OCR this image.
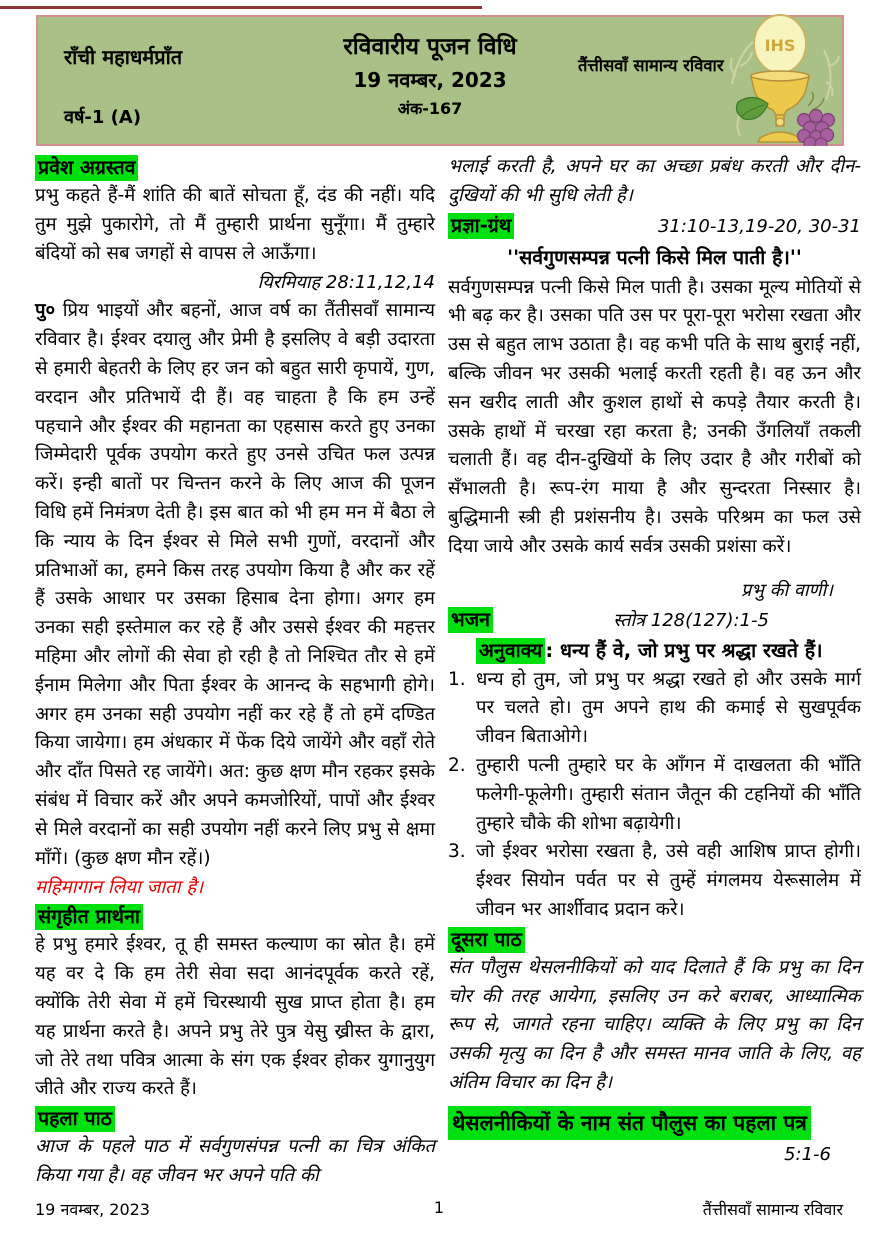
राँची महाधर्मप्राँत
वर्ष-1 (A)
रविवारीय पूजन विधि
19 नवम्बर, 2023
अंक-167
तैंत्तीसवाँ सामान्य रविवार
IHS
प्रवेश अग्रस्तव

प्रभु कहते हैं-मैं शांति की बातें सोचता हूँ, दंड की नहीं। यदि तुम मुझे पुकारोगे, तो मैं तुम्हारी प्रार्थना सुनूँगा। मैं तुम्हारे बंदियों को सब जगहों से वापस ले आऊँगा।

यिरमियाह 28:11,12,14

पु० प्रिय भाइयों और बहनों, आज वर्ष का तैंतीसवाँ सामान्य रविवार है। ईश्वर दयालु और प्रेमी है इसलिए वे बड़ी उदारता से हमारी बेहतरी के लिए हर जन को बहुत सारी कृपायें, गुण, वरदान और प्रतिभायें दी हैं। वह चाहता है कि हम उन्हें पहचाने और ईश्वर की महानता का एहसास करते हुए उनका जिम्मेदारी पूर्वक उपयोग करते हुए उनसे उचित फल उत्पन्न करें। इन्ही बातों पर चिन्तन करने के लिए आज की पूजन विधि हमें निमंत्रण देती है। इस बात को भी हम मन में बैठा ले कि न्याय के दिन ईश्वर से मिले सभी गुणों, वरदानों और प्रतिभाओं का, हमने किस तरह उपयोग किया है और कर रहें हैं उसके आधार पर उसका हिसाब देना होगा। अगर हम उनका सही इस्तेमाल कर रहे हैं और उससे ईश्वर की महत्तर महिमा और लोगों की सेवा हो रही है तो निश्चित तौर से हमें ईनाम मिलेगा और पिता ईश्वर के आनन्द के सहभागी होगे। अगर हम उनका सही उपयोग नहीं कर रहे हैं तो हमें दण्डित किया जायेगा। हम अंधकार में फेंक दिये जायेंगे और वहाँ रोते और दाँत पिसते रह जायेंगे। अत: कुछ क्षण मौन रहकर इसके संबंध में विचार करें और अपने कमजोरियों, पापों और ईश्वर से मिले वरदानों का सही उपयोग नहीं करने लिए प्रभु से क्षमा माँगें। (कुछ क्षण मौन रहें।)

महिमागान लिया जाता है।

संगृहीत प्रार्थना

हे प्रभु हमारे ईश्वर, तू ही समस्त कल्याण का स्रोत है। हमें यह वर दे कि हम तेरी सेवा सदा आनंदपूर्वक करते रहें, क्योंकि तेरी सेवा में हमें चिरस्थायी सुख प्राप्त होता है। हम यह प्रार्थना करते है। अपने प्रभु तेरे पुत्र येसु ख्रीस्त के द्वारा, जो तेरे तथा पवित्र आत्मा के संग एक ईश्वर होकर युगानुयुग जीते और राज्य करते हैं।

पहला पाठ

आज के पहले पाठ में सर्वगुणसंपन्न पत्नी का चित्र अंकित किया गया है। वह जीवन भर अपने पति की

भलाई करती है, अपने घर का अच्छा प्रबंध करती और दीन-दुखियों की भी सुधि लेती है।

प्रज्ञा-ग्रंथ	31:10-13,19-20, 30-31
''सर्वगुणसम्पन्न पत्नी किसे मिल पाती है।''

सर्वगुणसम्पन्न पत्नी किसे मिल पाती है। उसका मूल्य मोतियों से भी बढ़ कर है। उसका पति उस पर पूरा-पूरा भरोसा रखता और उस से बहुत लाभ उठाता है। वह कभी पति के साथ बुराई नहीं, बल्कि जीवन भर उसकी भलाई करती रहती है। वह ऊन और सन खरीद लाती और कुशल हाथों से कपड़े तैयार करती है। उसके हाथों में चरखा रहा करता है; उनकी उँगलियाँ तकली चलाती हैं। वह दीन-दुखियों के लिए उदार है और गरीबों को सँभालती है। रूप-रंग माया है और सुन्दरता निस्सार है। बुद्धिमानी स्त्री ही प्रशंसनीय है। उसके परिश्रम का फल उसे दिया जाये और उसके कार्य सर्वत्र उसकी प्रशंसा करें।

प्रभु की वाणी।

भजन	स्तोत्र 128(127):1-5
अनुवाक्य : धन्य हैं वे, जो प्रभु पर श्रद्धा रखते हैं।
1. धन्य हो तुम, जो प्रभु पर श्रद्धा रखते हो और उसके मार्ग पर चलते हो। तुम अपने हाथ की कमाई से सुखपूर्वक जीवन बिताओगे।
2. तुम्हारी पत्नी तुम्हारे घर के आँगन में दाखलता की भाँति फलेगी-फूलेगी। तुम्हारी संतान जैतून की टहनियों की भाँति तुम्हारे चौके की शोभा बढ़ायेगी।
3. जो ईश्वर भरोसा रखता है, उसे वही आशिष प्राप्त होगी। ईश्वर सियोन पर्वत पर से तुम्हें मंगलमय येरूसालेम में जीवन भर आर्शीवाद प्रदान करे।
दूसरा पाठ

संत पौलुस थेसलनीकियों को याद दिलाते हैं कि प्रभु का दिन चोर की तरह आयेगा, इसलिए उन करे बराबर, आध्यात्मिक रूप से, जागते रहना चाहिए। व्यक्ति के लिए प्रभु का दिन उसकी मृत्यु का दिन है और समस्त मानव जाति के लिए, वह अंतिम विचार का दिन है।

थेसलनीकियों के नाम संत पौलुस का पहला पत्र

5:1-6

19 नवम्बर, 2023	1	तैंत्तीसवाँ सामान्य रविवार
